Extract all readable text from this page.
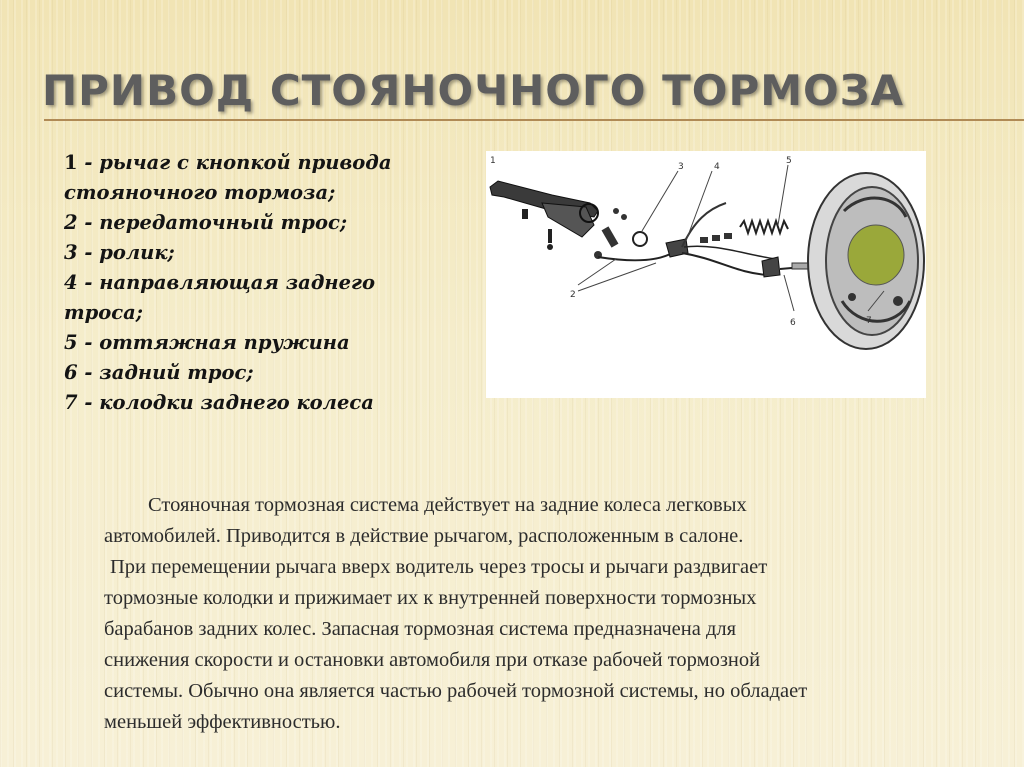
ПРИВОД СТОЯНОЧНОГО ТОРМОЗА
1 - рычаг с кнопкой привода
стояночного тормоза;
2 - передаточный трос;
3 - ролик;
4 - направляющая заднего
троса;
5 - оттяжная пружина
6 - задний трос;
7 - колодки заднего колеса
3	4
5
2
6	7
1

Стояночная тормозная система действует на задние колеса легковых

автомобилей. Приводится в действие рычагом, расположенным в салоне.

При перемещении рычага вверх водитель через тросы и рычаги раздвигает

тормозные колодки и прижимает их к внутренней поверхности тормозных

барабанов задних колес. Запасная тормозная система предназначена для

снижения скорости и остановки автомобиля при отказе рабочей тормозной

системы. Обычно она является частью рабочей тормозной системы, но обладает

меньшей эффективностью.
